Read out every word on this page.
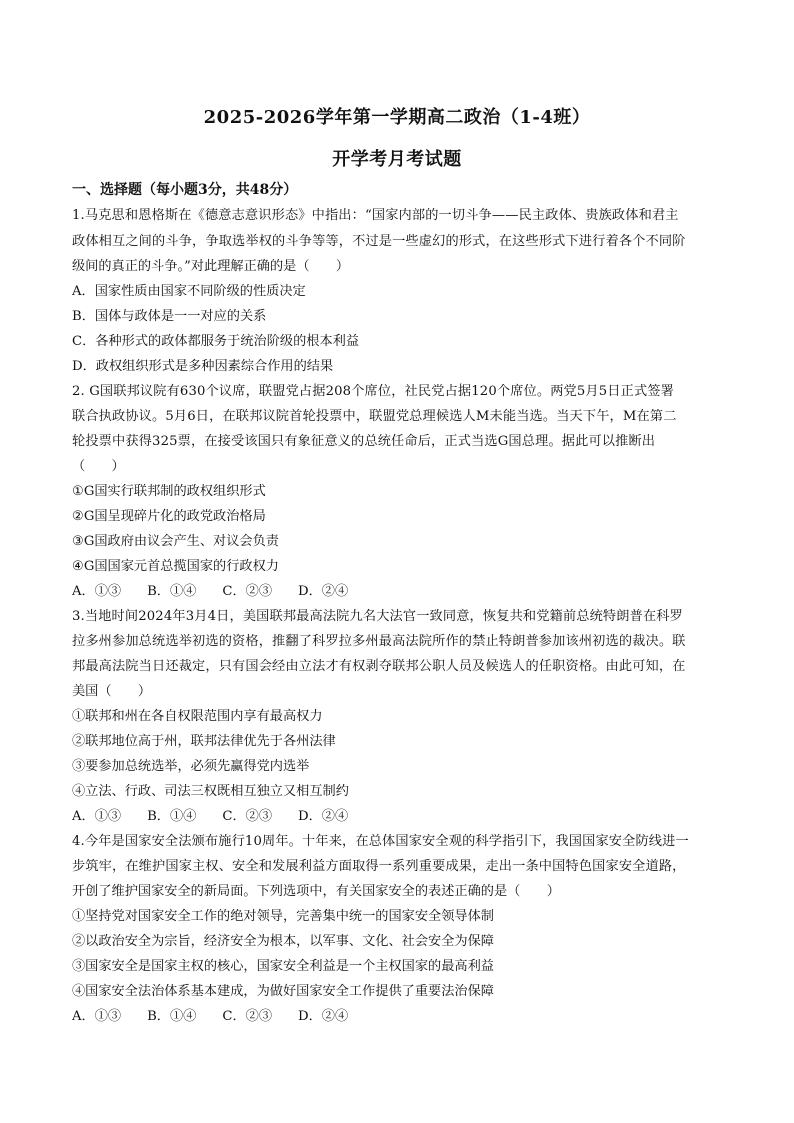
2025-2026学年第一学期高二政治（1-4班）
开学考月考试题
一、选择题（每小题3分，共48分）
1.马克思和恩格斯在《德意志意识形态》中指出：“国家内部的一切斗争——民主政体、贵族政体和君主
政体相互之间的斗争，争取选举权的斗争等等，不过是一些虚幻的形式，在这些形式下进行着各个不同阶
级间的真正的斗争。”对此理解正确的是（　　）
A．国家性质由国家不同阶级的性质决定
B．国体与政体是一一对应的关系
C．各种形式的政体都服务于统治阶级的根本利益
D．政权组织形式是多种因素综合作用的结果
2. G国联邦议院有630个议席，联盟党占据208个席位，社民党占据120个席位。两党5月5日正式签署
联合执政协议。5月6日，在联邦议院首轮投票中，联盟党总理候选人M未能当选。当天下午，M在第二
轮投票中获得325票，在接受该国只有象征意义的总统任命后，正式当选G国总理。据此可以推断出
（　　）
①G国实行联邦制的政权组织形式
②G国呈现碎片化的政党政治格局
③G国政府由议会产生、对议会负责
④G国国家元首总揽国家的行政权力
A．①③ B．①④ C．②③ D．②④
3.当地时间2024年3月4日，美国联邦最高法院九名大法官一致同意，恢复共和党籍前总统特朗普在科罗
拉多州参加总统选举初选的资格，推翻了科罗拉多州最高法院所作的禁止特朗普参加该州初选的裁决。联
邦最高法院当日还裁定，只有国会经由立法才有权剥夺联邦公职人员及候选人的任职资格。由此可知，在
美国（　　）
①联邦和州在各自权限范围内享有最高权力
②联邦地位高于州，联邦法律优先于各州法律
③要参加总统选举，必须先赢得党内选举
④立法、行政、司法三权既相互独立又相互制约
A．①③ B．①④ C．②③ D．②④
4.今年是国家安全法颁布施行10周年。十年来，在总体国家安全观的科学指引下，我国国家安全防线进一
步筑牢，在维护国家主权、安全和发展利益方面取得一系列重要成果，走出一条中国特色国家安全道路，
开创了维护国家安全的新局面。下列选项中，有关国家安全的表述正确的是（　　）
①坚持党对国家安全工作的绝对领导，完善集中统一的国家安全领导体制
②以政治安全为宗旨，经济安全为根本，以军事、文化、社会安全为保障
③国家安全是国家主权的核心，国家安全利益是一个主权国家的最高利益
④国家安全法治体系基本建成，为做好国家安全工作提供了重要法治保障
A．①③ B．①④ C．②③ D．②④
